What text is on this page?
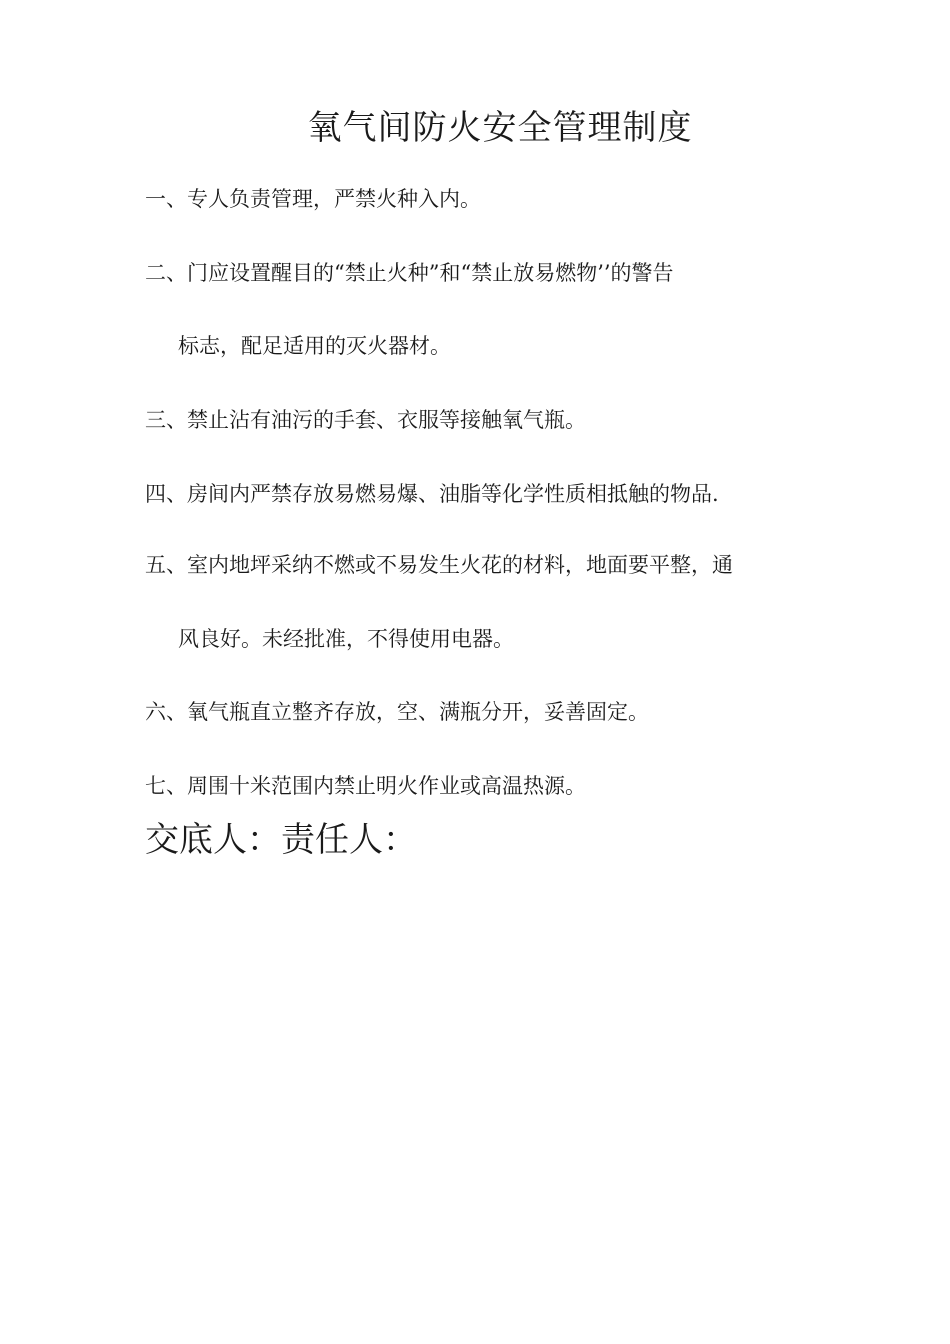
氧气间防火安全管理制度
一、专人负责管理，严禁火种入内。
二、门应设置醒目的“禁止火种”和“禁止放易燃物’’的警告
标志，配足适用的灭火器材。
三、禁止沾有油污的手套、衣服等接触氧气瓶。
四、房间内严禁存放易燃易爆、油脂等化学性质相抵触的物品.
五、室内地坪采纳不燃或不易发生火花的材料，地面要平整，通
风良好。未经批准，不得使用电器。
六、氧气瓶直立整齐存放，空、满瓶分开，妥善固定。
七、周围十米范围内禁止明火作业或高温热源。
交底人：责任人：
